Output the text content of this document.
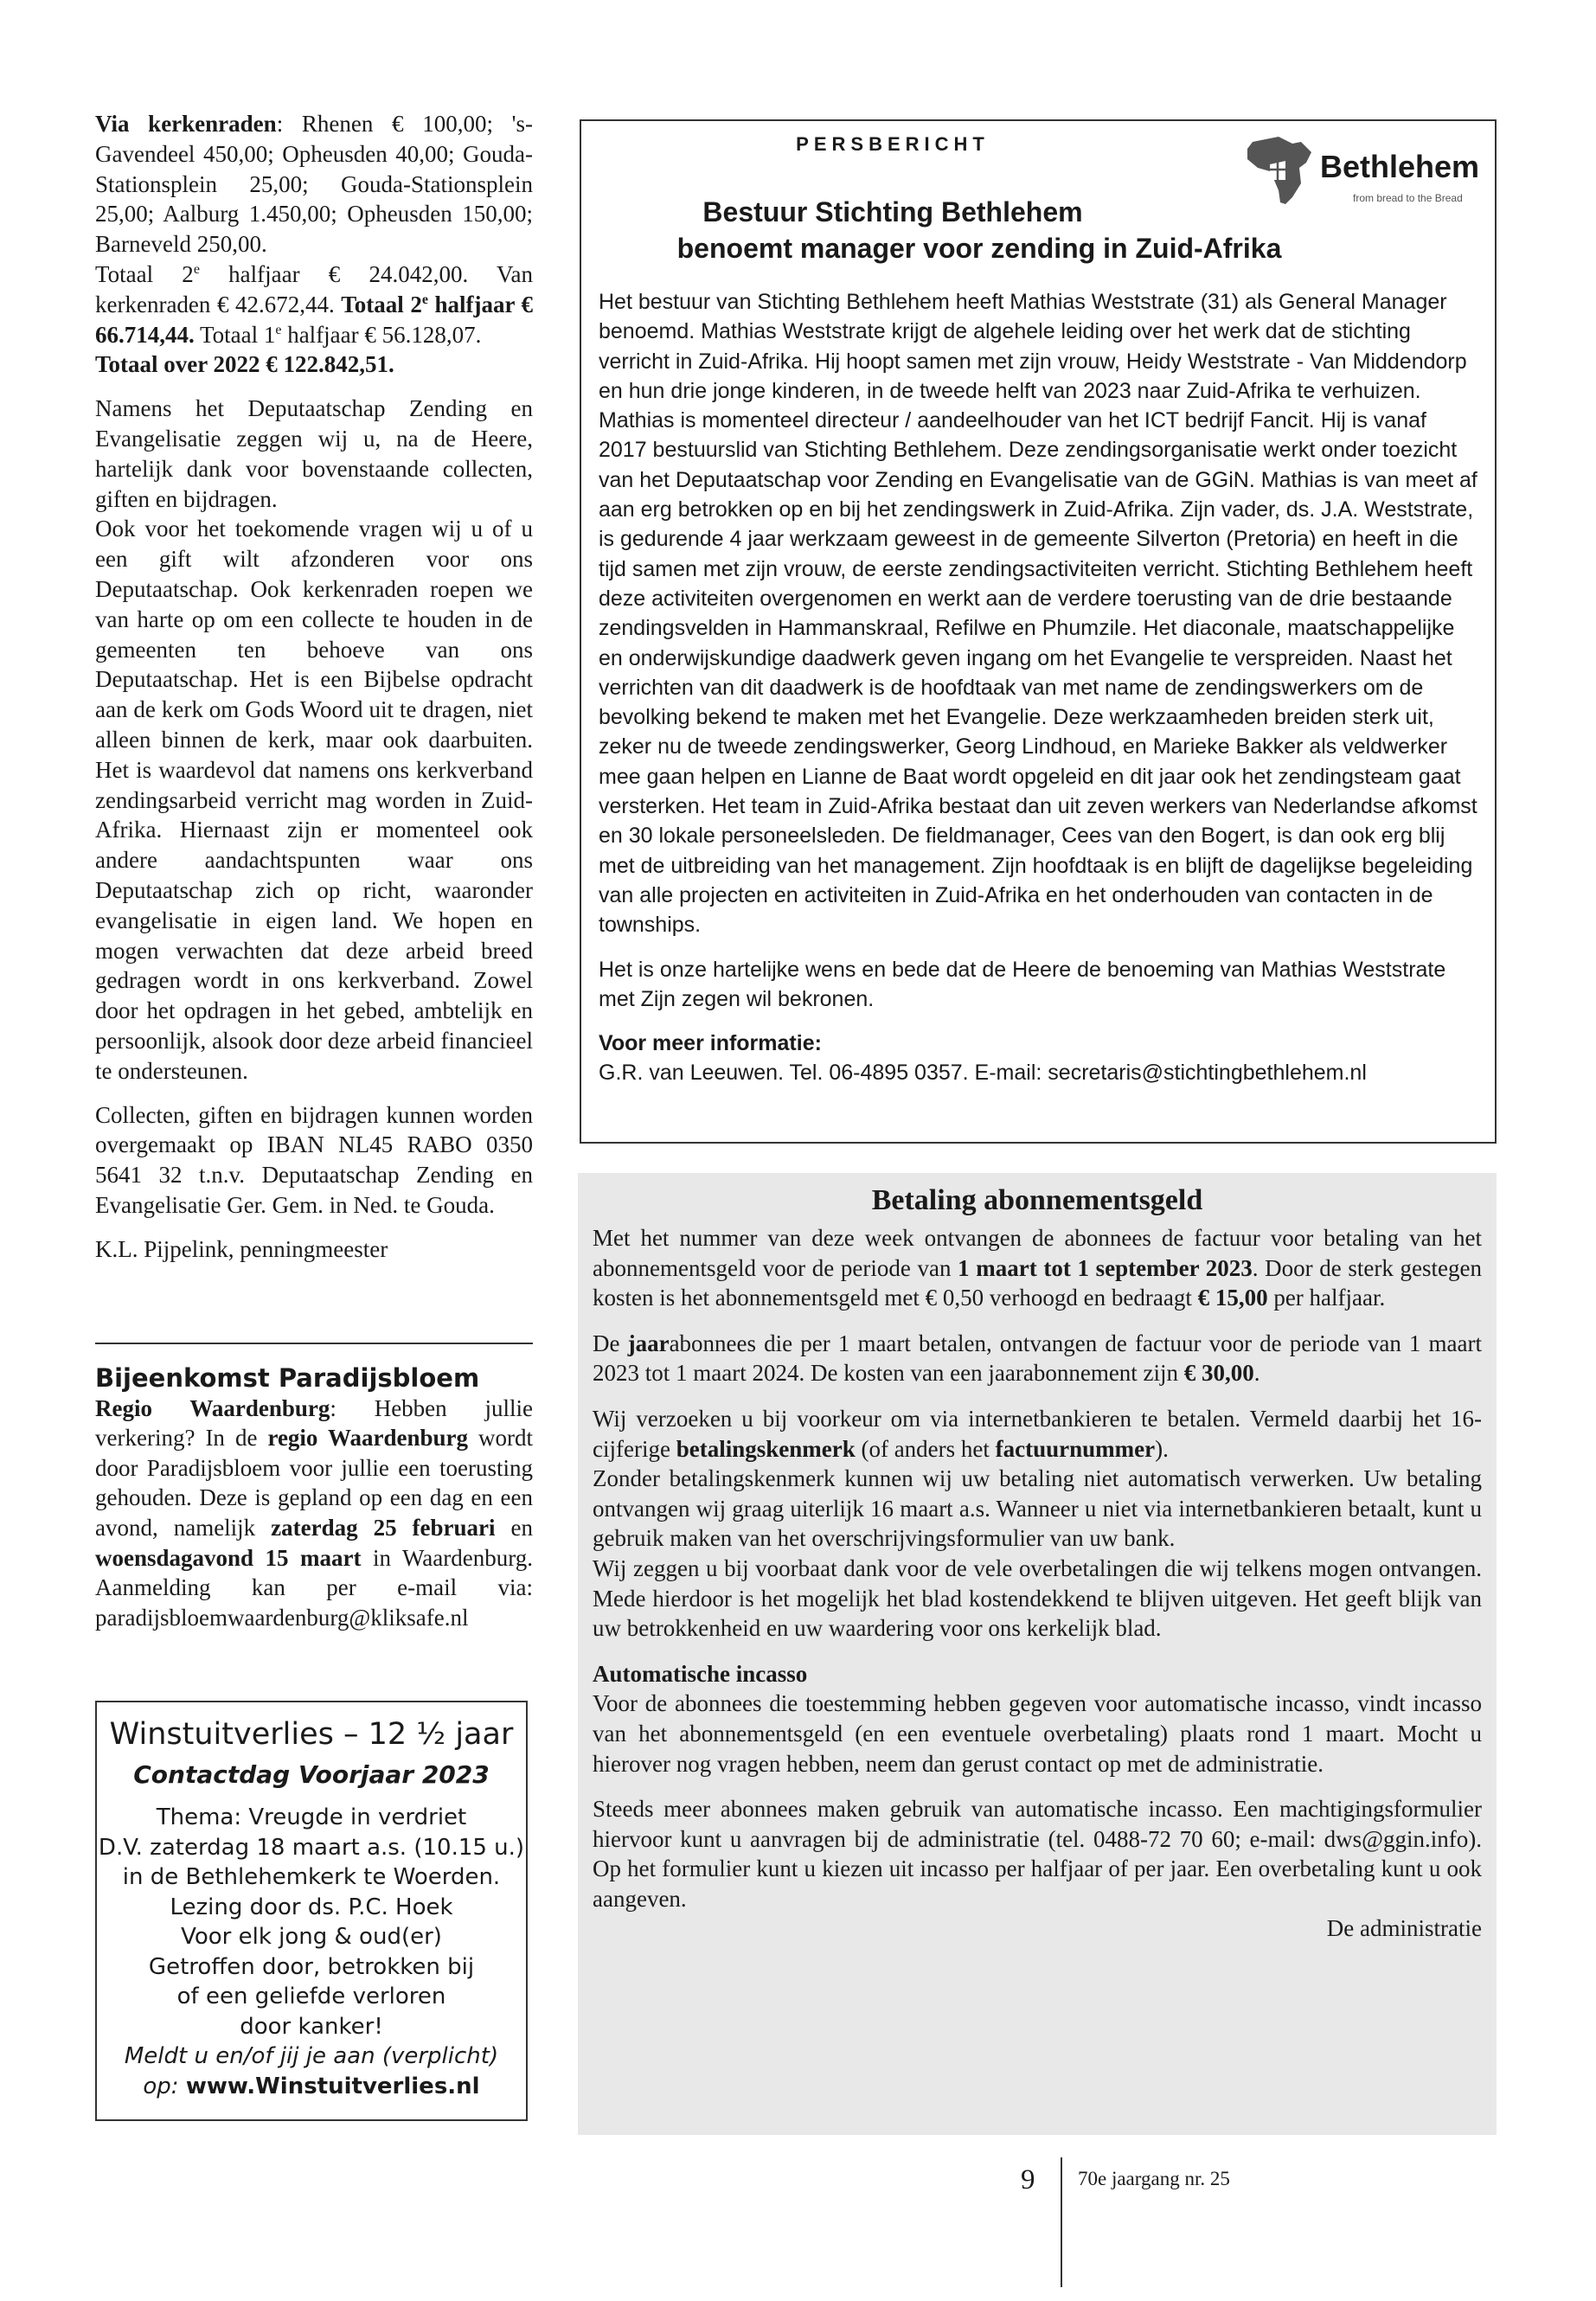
Via kerkenraden: Rhenen € 100,00; 's-Gavendeel 450,00; Opheusden 40,00; Gouda-Stationsplein 25,00; Gouda-Stationsplein 25,00; Aalburg 1.450,00; Opheusden 150,00; Barneveld 250,00.
Totaal 2e halfjaar € 24.042,00. Van kerkenraden € 42.672,44. Totaal 2e halfjaar € 66.714,44. Totaal 1e halfjaar € 56.128,07.
Totaal over 2022 € 122.842,51.

Namens het Deputaatschap Zending en Evangelisatie zeggen wij u, na de Heere, hartelijk dank voor bovenstaande collecten, giften en bijdragen.

Ook voor het toekomende vragen wij u of u een gift wilt afzonderen voor ons Deputaatschap. Ook kerkenraden roepen we van harte op om een collecte te houden in de gemeenten ten behoeve van ons Deputaatschap. Het is een Bijbelse opdracht aan de kerk om Gods Woord uit te dragen, niet alleen binnen de kerk, maar ook daarbuiten. Het is waardevol dat namens ons kerkverband zendingsarbeid verricht mag worden in Zuid-Afrika. Hiernaast zijn er momenteel ook andere aandachtspunten waar ons Deputaatschap zich op richt, waaronder evangelisatie in eigen land. We hopen en mogen verwachten dat deze arbeid breed gedragen wordt in ons kerkverband. Zowel door het opdragen in het gebed, ambtelijk en persoonlijk, alsook door deze arbeid financieel te ondersteunen.

Collecten, giften en bijdragen kunnen worden overgemaakt op IBAN NL45 RABO 0350 5641 32 t.n.v. Deputaatschap Zending en Evangelisatie Ger. Gem. in Ned. te Gouda.

K.L. Pijpelink, penningmeester

Bijeenkomst Paradijsbloem

Regio Waardenburg: Hebben jullie verkering? In de regio Waardenburg wordt door Paradijsbloem voor jullie een toerusting gehouden. Deze is gepland op een dag en een avond, namelijk zaterdag 25 februari en woensdagavond 15 maart in Waardenburg. Aanmelding kan per e-mail via: paradijsbloemwaardenburg@kliksafe.nl

Winstuitverlies – 12 ½ jaar

Contactdag Voorjaar 2023

Thema: Vreugde in verdriet

D.V. zaterdag 18 maart a.s. (10.15 u.)

in de Bethlehemkerk te Woerden.

Lezing door ds. P.C. Hoek

Voor elk jong & oud(er)

Getroffen door, betrokken bij

of een geliefde verloren

door kanker!

Meldt u en/of jij je aan (verplicht)

op: www.Winstuitverlies.nl

PERSBERICHT

Bestuur Stichting Bethlehem

benoemt manager voor zending in Zuid-Afrika

Bethlehem
from bread to the Bread

Het bestuur van Stichting Bethlehem heeft Mathias Weststrate (31) als General Manager benoemd. Mathias Weststrate krijgt de algehele leiding over het werk dat de stichting verricht in Zuid-Afrika. Hij hoopt samen met zijn vrouw, Heidy Weststrate - Van Middendorp en hun drie jonge kinderen, in de tweede helft van 2023 naar Zuid-Afrika te verhuizen. Mathias is momenteel directeur / aandeelhouder van het ICT bedrijf Fancit. Hij is vanaf 2017 bestuurslid van Stichting Bethlehem. Deze zendingsorganisatie werkt onder toezicht van het Deputaatschap voor Zending en Evangelisatie van de GGiN. Mathias is van meet af aan erg betrokken op en bij het zendingswerk in Zuid-Afrika. Zijn vader, ds. J.A. Weststrate, is gedurende 4 jaar werkzaam geweest in de gemeente Silverton (Pretoria) en heeft in die tijd samen met zijn vrouw, de eerste zendingsactiviteiten verricht. Stichting Bethlehem heeft deze activiteiten overgenomen en werkt aan de verdere toerusting van de drie bestaande zendingsvelden in Hammanskraal, Refilwe en Phumzile. Het diaconale, maatschappelijke en onderwijskundige daadwerk geven ingang om het Evangelie te verspreiden. Naast het verrichten van dit daadwerk is de hoofdtaak van met name de zendingswerkers om de bevolking bekend te maken met het Evangelie. Deze werkzaamheden breiden sterk uit, zeker nu de tweede zendingswerker, Georg Lindhoud, en Marieke Bakker als veldwerker mee gaan helpen en Lianne de Baat wordt opgeleid en dit jaar ook het zendingsteam gaat versterken. Het team in Zuid-Afrika bestaat dan uit zeven werkers van Nederlandse afkomst en 30 lokale personeelsleden. De fieldmanager, Cees van den Bogert, is dan ook erg blij met de uitbreiding van het management. Zijn hoofdtaak is en blijft de dagelijkse begeleiding van alle projecten en activiteiten in Zuid-Afrika en het onderhouden van contacten in de townships.

Het is onze hartelijke wens en bede dat de Heere de benoeming van Mathias Weststrate met Zijn zegen wil bekronen.

Voor meer informatie:

G.R. van Leeuwen. Tel. 06-4895 0357. E-mail: secretaris@stichtingbethlehem.nl

Betaling abonnementsgeld

Met het nummer van deze week ontvangen de abonnees de factuur voor betaling van het abonnementsgeld voor de periode van 1 maart tot 1 september 2023. Door de sterk gestegen kosten is het abonnementsgeld met € 0,50 verhoogd en bedraagt € 15,00 per halfjaar.

De jaarabonnees die per 1 maart betalen, ontvangen de factuur voor de periode van 1 maart 2023 tot 1 maart 2024. De kosten van een jaarabonnement zijn € 30,00.

Wij verzoeken u bij voorkeur om via internetbankieren te betalen. Vermeld daarbij het 16-cijferige betalingskenmerk (of anders het factuurnummer).

Zonder betalingskenmerk kunnen wij uw betaling niet automatisch verwerken. Uw betaling ontvangen wij graag uiterlijk 16 maart a.s. Wanneer u niet via internetbankieren betaalt, kunt u gebruik maken van het overschrijvingsformulier van uw bank.

Wij zeggen u bij voorbaat dank voor de vele overbetalingen die wij telkens mogen ontvangen. Mede hierdoor is het mogelijk het blad kostendekkend te blijven uitgeven. Het geeft blijk van uw betrokkenheid en uw waardering voor ons kerkelijk blad.

Automatische incasso

Voor de abonnees die toestemming hebben gegeven voor automatische incasso, vindt incasso van het abonnementsgeld (en een eventuele overbetaling) plaats rond 1 maart. Mocht u hierover nog vragen hebben, neem dan gerust contact op met de administratie.

Steeds meer abonnees maken gebruik van automatische incasso. Een machtigingsformulier hiervoor kunt u aanvragen bij de administratie (tel. 0488-72 70 60; e-mail: dws@ggin.info). Op het formulier kunt u kiezen uit incasso per halfjaar of per jaar. Een overbetaling kunt u ook aangeven.

De administratie

9 70e jaargang nr. 25
